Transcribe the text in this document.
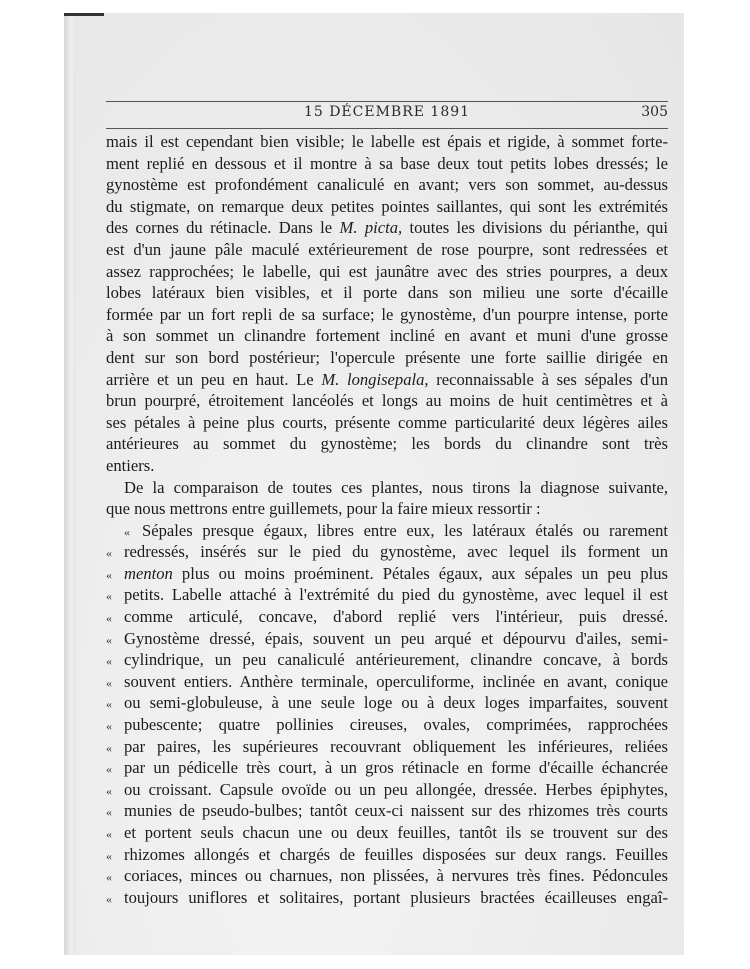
15 DÉCEMBRE 1891	305
mais il est cependant bien visible; le labelle est épais et rigide, à sommet forte-
ment replié en dessous et il montre à sa base deux tout petits lobes dressés; le
gynostème est profondément canaliculé en avant; vers son sommet, au-dessus
du stigmate, on remarque deux petites pointes saillantes, qui sont les extrémités
des cornes du rétinacle. Dans le M. picta, toutes les divisions du périanthe, qui
est d'un jaune pâle maculé extérieurement de rose pourpre, sont redressées et
assez rapprochées; le labelle, qui est jaunâtre avec des stries pourpres, a deux
lobes latéraux bien visibles, et il porte dans son milieu une sorte d'écaille
formée par un fort repli de sa surface; le gynostème, d'un pourpre intense, porte
à son sommet un clinandre fortement incliné en avant et muni d'une grosse
dent sur son bord postérieur; l'opercule présente une forte saillie dirigée en
arrière et un peu en haut. Le M. longisepala, reconnaissable à ses sépales d'un
brun pourpré, étroitement lancéolés et longs au moins de huit centimètres et à
ses pétales à peine plus courts, présente comme particularité deux légères ailes
antérieures au sommet du gynostème; les bords du clinandre sont très
entiers.
De la comparaison de toutes ces plantes, nous tirons la diagnose suivante,
que nous mettrons entre guillemets, pour la faire mieux ressortir :
« Sépales presque égaux, libres entre eux, les latéraux étalés ou rarement
« redressés, insérés sur le pied du gynostème, avec lequel ils forment un
« menton plus ou moins proéminent. Pétales égaux, aux sépales un peu plus
« petits. Labelle attaché à l'extrémité du pied du gynostème, avec lequel il est
« comme articulé, concave, d'abord replié vers l'intérieur, puis dressé.
« Gynostème dressé, épais, souvent un peu arqué et dépourvu d'ailes, semi-
« cylindrique, un peu canaliculé antérieurement, clinandre concave, à bords
« souvent entiers. Anthère terminale, operculiforme, inclinée en avant, conique
« ou semi-globuleuse, à une seule loge ou à deux loges imparfaites, souvent
« pubescente; quatre pollinies cireuses, ovales, comprimées, rapprochées
« par paires, les supérieures recouvrant obliquement les inférieures, reliées
« par un pédicelle très court, à un gros rétinacle en forme d'écaille échancrée
« ou croissant. Capsule ovoïde ou un peu allongée, dressée. Herbes épiphytes,
« munies de pseudo-bulbes; tantôt ceux-ci naissent sur des rhizomes très courts
« et portent seuls chacun une ou deux feuilles, tantôt ils se trouvent sur des
« rhizomes allongés et chargés de feuilles disposées sur deux rangs. Feuilles
« coriaces, minces ou charnues, non plissées, à nervures très fines. Pédoncules
« toujours uniflores et solitaires, portant plusieurs bractées écailleuses engaî-
